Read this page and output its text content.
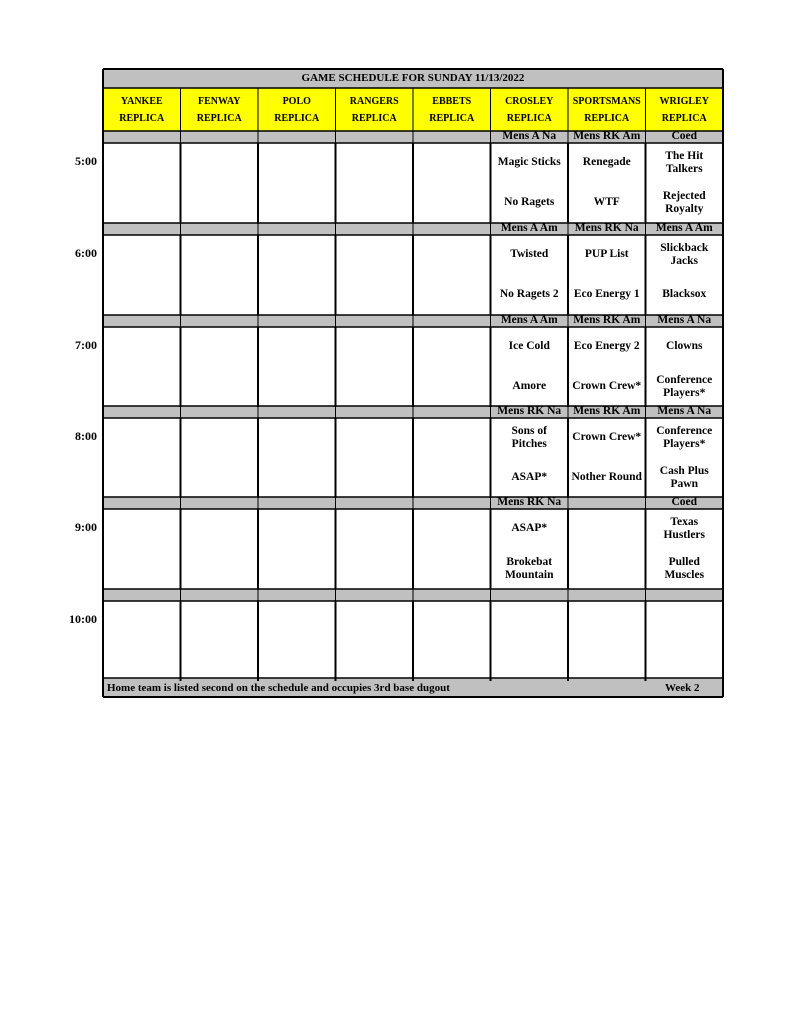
GAME SCHEDULE FOR SUNDAY 11/13/2022
YANKEE
REPLICA
FENWAY
REPLICA
POLO
REPLICA
RANGERS
REPLICA
EBBETS
REPLICA
CROSLEY
REPLICA
SPORTSMANS
REPLICA
WRIGLEY
REPLICA
Mens A Na
Magic Sticks
No Ragets
Mens RK Am
Renegade
WTF
Coed
The Hit Talkers
Rejected Royalty
Mens A Am
Twisted
No Ragets 2
Mens RK Na
PUP List
Eco Energy 1
Mens A Am
Slickback Jacks
Blacksox
Mens A Am
Ice Cold
Amore
Mens RK Am
Eco Energy 2
Crown Crew*
Mens A Na
Clowns
Conference Players*
Mens RK Na
Sons of Pitches
ASAP*
Mens RK Am
Crown Crew*
Nother Round
Mens A Na
Conference Players*
Cash Plus Pawn
Mens RK Na
ASAP*
Brokebat Mountain
Coed
Texas Hustlers
Pulled Muscles
5:00
6:00
7:00
8:00
9:00
10:00
Home team is listed second on the schedule and occupies 3rd base dugout	Week 2
